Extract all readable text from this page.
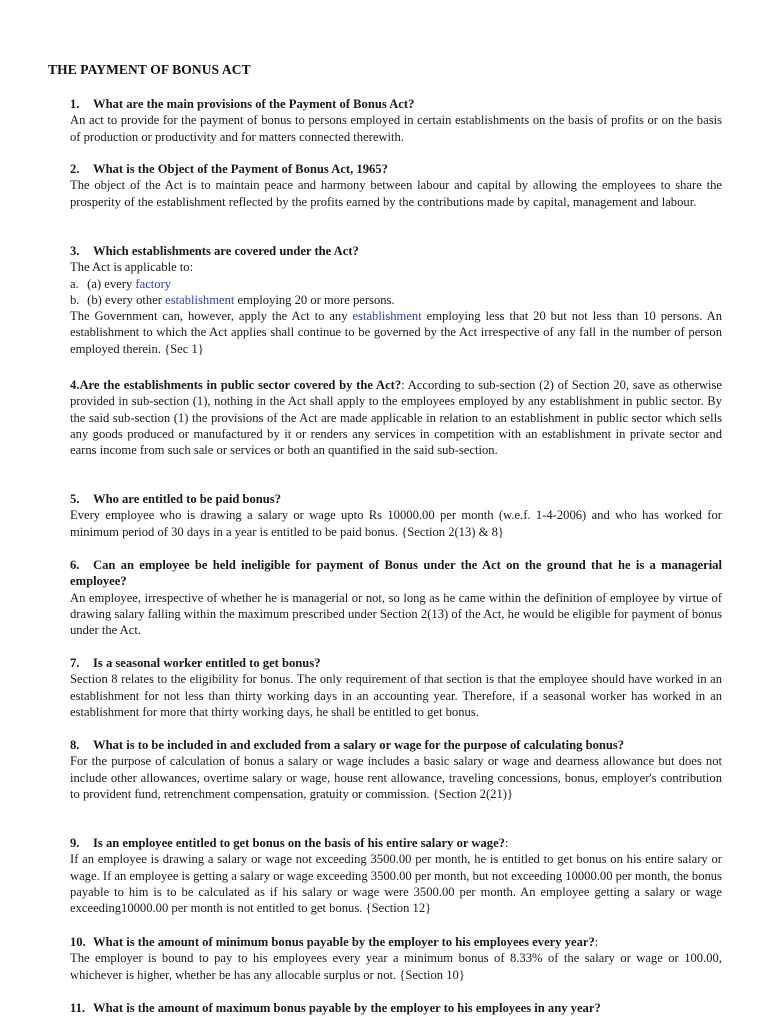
THE PAYMENT OF BONUS ACT

1. What are the main provisions of the Payment of Bonus Act?

An act to provide for the payment of bonus to persons employed in certain establishments on the basis of profits or on the basis of production or productivity and for matters connected therewith.

2. What is the Object of the Payment of Bonus Act, 1965?

The object of the Act is to maintain peace and harmony between labour and capital by allowing the employees to share the prosperity of the establishment reflected by the profits earned by the contributions made by capital, management and labour.

3. Which establishments are covered under the Act?

The Act is applicable to:

a. (a) every factory

b. (b) every other establishment employing 20 or more persons.

The Government can, however, apply the Act to any establishment employing less that 20 but not less than 10 persons. An establishment to which the Act applies shall continue to be governed by the Act irrespective of any fall in the number of person employed therein. {Sec 1}

4.Are the establishments in public sector covered by the Act?: According to sub-section (2) of Section 20, save as otherwise provided in sub-section (1), nothing in the Act shall apply to the employees employed by any establishment in public sector. By the said sub-section (1) the provisions of the Act are made applicable in relation to an establishment in public sector which sells any goods produced or manufactured by it or renders any services in competition with an establishment in private sector and earns income from such sale or services or both an quantified in the said sub-section.

5. Who are entitled to be paid bonus?

Every employee who is drawing a salary or wage upto Rs 10000.00 per month (w.e.f. 1-4-2006) and who has worked for minimum period of 30 days in a year is entitled to be paid bonus. {Section 2(13) & 8}

6. Can an employee be held ineligible for payment of Bonus under the Act on the ground that he is a managerial employee?

An employee, irrespective of whether he is managerial or not, so long as he came within the definition of employee by virtue of drawing salary falling within the maximum prescribed under Section 2(13) of the Act, he would be eligible for payment of bonus under the Act.

7. Is a seasonal worker entitled to get bonus?

Section 8 relates to the eligibility for bonus. The only requirement of that section is that the employee should have worked in an establishment for not less than thirty working days in an accounting year. Therefore, if a seasonal worker has worked in an establishment for more that thirty working days, he shall be entitled to get bonus.

8. What is to be included in and excluded from a salary or wage for the purpose of calculating bonus?

For the purpose of calculation of bonus a salary or wage includes a basic salary or wage and dearness allowance but does not include other allowances, overtime salary or wage, house rent allowance, traveling concessions, bonus, employer's contribution to provident fund, retrenchment compensation, gratuity or commission. {Section 2(21)}

9. Is an employee entitled to get bonus on the basis of his entire salary or wage?:

If an employee is drawing a salary or wage not exceeding 3500.00 per month, he is entitled to get bonus on his entire salary or wage. If an employee is getting a salary or wage exceeding 3500.00 per month, but not exceeding 10000.00 per month, the bonus payable to him is to be calculated as if his salary or wage were 3500.00 per month. An employee getting a salary or wage exceeding10000.00 per month is not entitled to get bonus. {Section 12}

10. What is the amount of minimum bonus payable by the employer to his employees every year?:

The employer is bound to pay to his employees every year a minimum bonus of 8.33% of the salary or wage or 100.00, whichever is higher, whether be has any allocable surplus or not. {Section 10}

11. What is the amount of maximum bonus payable by the employer to his employees in any year?
